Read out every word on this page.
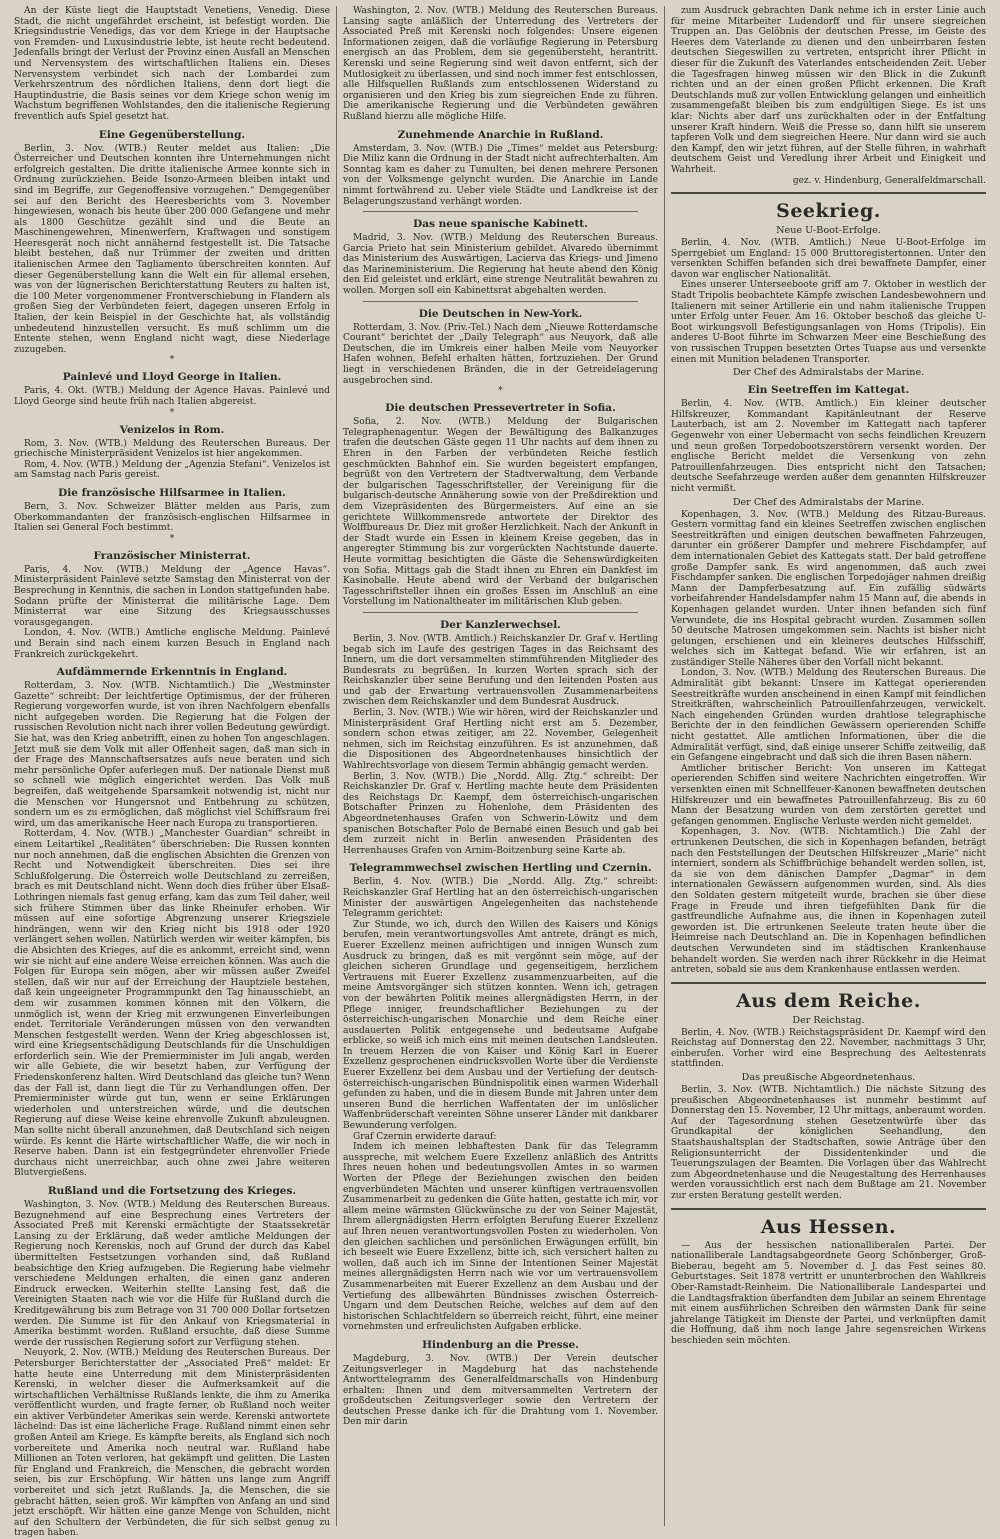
An der Küste liegt die Hauptstadt Venetiens, Venedig. Diese Stadt, die nicht ungefährdet erscheint, ist befestigt worden. Die Kriegsindustrie Venedigs, das vor dem Kriege in der Hauptsache von Fremden- und Luxusindustrie lebte, ist heute recht bedeutend. Jedenfalls bringt der Verlust der Provinz einen Ausfall an Menschen und Nervensystem des wirtschaftlichen Italiens ein. Dieses Nervensystem verbindet sich nach der Lombardei zum Verkehrszentrum des nördlichen Italiens, denn dort liegt die Hauptindustrie, die Basis seines vor dem Kriege schon wenig im Wachstum begriffenen Wohlstandes, den die italienische Regierung freventlich aufs Spiel gesetzt hat.

Eine Gegenüberstellung.

Berlin, 3. Nov. (WTB.) Reuter meldet aus Italien: „Die Österreicher und Deutschen konnten ihre Unternehmungen nicht erfolgreich gestalten. Die dritte italienische Armee konnte sich in Ordnung zurückziehen. Beide Isonzo-Armeen bleiben intakt und sind im Begriffe, zur Gegenoffensive vorzugehen.“ Demgegenüber sei auf den Bericht des Heeresberichts vom 3. November hingewiesen, wonach bis heute über 200 000 Gefangene und mehr als 1800 Geschütze gezählt sind und die Beute an Maschinengewehren, Minenwerfern, Kraftwagen und sonstigem Heeresgerät noch nicht annähernd festgestellt ist. Die Tatsache bleibt bestehen, daß nur Trümmer der zweiten und dritten italienischen Armee den Tagliamento überschreiten konnten. Auf dieser Gegenüberstellung kann die Welt ein für allemal ersehen, was von der lügnerischen Berichterstattung Reuters zu halten ist, die 100 Meter vorgenommener Frontverschiebung in Flandern als großen Sieg der Verbündeten feiert, dagegen unseren Erfolg in Italien, der kein Beispiel in der Geschichte hat, als vollständig unbedeutend hinzustellen versucht. Es muß schlimm um die Entente stehen, wenn England nicht wagt, diese Niederlage zuzugeben.

*
Painlevé und Lloyd George in Italien.

Paris, 4. Okt. (WTB.) Meldung der Agence Havas. Painlevé und Lloyd George sind heute früh nach Italien abgereist.

*
Venizelos in Rom.

Rom, 3. Nov. (WTB.) Meldung des Reuterschen Bureaus. Der griechische Ministerpräsident Venizelos ist hier angekommen.

Rom, 4. Nov. (WTB.) Meldung der „Agenzia Stefani“. Venizelos ist am Samstag nach Paris gereist.

Die französische Hilfsarmee in Italien.

Bern, 3. Nov. Schweizer Blätter melden aus Paris, zum Oberkommandanten der französisch-englischen Hilfsarmee in Italien sei General Foch bestimmt.

*
Französischer Ministerrat.

Paris, 4. Nov. (WTB.) Meldung der „Agence Havas“. Ministerpräsident Painlevé setzte Samstag den Ministerrat von der Besprechung in Kenntnis, die sachen in London stattgefunden habe. Sodann prüfte der Ministerrat die militärische Lage. Dem Ministerrat war eine Sitzung des Kriegsausschusses vorausgegangen.

London, 4. Nov. (WTB.) Amtliche englische Meldung. Painlevé und Berain sind nach einem kurzen Besuch in England nach Frankreich zurückgekehrt.

Aufdämmernde Erkenntnis in England.

Rotterdam, 3. Nov. (WTB. Nichtamtlich.) Die „Westminster Gazette“ schreibt: Der leichtfertige Optimismus, der der früheren Regierung vorgeworfen wurde, ist von ihren Nachfolgern ebenfalls nicht aufgegeben worden. Die Regierung hat die Folgen der russischen Revolution nicht nach ihrer vollen Bedeutung gewürdigt. Sie hat, was den Krieg anbetrifft, einen zu hohen Ton angeschlagen. Jetzt muß sie dem Volk mit aller Offenheit sagen, daß man sich in der Frage des Mannschaftsersatzes aufs neue beraten und sich mehr persönliche Opfer auferlegen muß. Der nationale Dienst muß so schnell wie möglich eingerichtet werden. Das Volk muß begreifen, daß weitgehende Sparsamkeit notwendig ist, nicht nur die Menschen vor Hungersnot und Entbehrung zu schützen, sondern um es zu ermöglichen, daß möglichst viel Schiffsraum frei wird, um das amerikanische Heer nach Europa zu transportieren.

Rotterdam, 4. Nov. (WTB.) „Manchester Guardian“ schreibt in einem Leitartikel „Realitäten“ überschrieben: Die Russen konnten nur noch annehmen, daß die englischen Absichten die Grenzen von Recht und Notwendigkeit überschreiten. Dies sei ihre Schlußfolgerung. Die Österreich wolle Deutschland zu zerreißen, brach es mit Deutschland nicht. Wenn doch dies früher über Elsaß-Lothringen niemals fast genug erfang, kam das zum Teil daher, weil sich frühere Stimmen über das linke Rheinufer erhoben. Wir müssen auf eine sofortige Abgrenzung unserer Kriegsziele hindrängen, wenn wir den Krieg nicht bis 1918 oder 1920 verlängert sehen wollen. Natürlich werden wir weiter kämpfen, bis die Absichten des Krieges, auf die es ankommt, erreicht sind, wenn wir sie nicht auf eine andere Weise erreichen können. Was auch die Folgen für Europa sein mögen, aber wir müssen außer Zweifel stellen, daß wir nur auf der Erreichung der Hauptziele bestehen, daß kein ungeeigneter Programmpunkt den Tag hinausschiebt, an dem wir zusammen kommen können mit den Völkern, die unmöglich ist, wenn der Krieg mit erzwungenen Einverleibungen endet. Territoriale Veränderungen müssen von den verwandten Menschen festgestellt werden. Wenn der Krieg abgeschlossen ist, wird eine Kriegsentschädigung Deutschlands für die Unschuldigen erforderlich sein. Wie der Premierminister im Juli angab, werden wir alle Gebiete, die wir besetzt haben, zur Verfügung der Friedenskonferenz halten. Wird Deutschland das gleiche tun? Wenn das der Fall ist, dann liegt die Tür zu Verhandlungen offen. Der Premierminister würde gut tun, wenn er seine Erklärungen wiederholen und unterstreichen würde, und die deutschen Regierung auf diese Weise keine ehrenvolle Zukunft abzuleugnen. Man sollte nicht überall anzunehmen, daß Deutschland sich neigen würde. Es kennt die Härte wirtschaftlicher Waffe, die wir noch in Reserve haben. Dann ist ein festgegründeter ehrenvoller Friede durchaus nicht unerreichbar, auch ohne zwei Jahre weiteren Blutvergießens.

Rußland und die Fortsetzung des Krieges.

Washington, 3. Nov. (WTB.) Meldung des Reuterschen Bureaus. Bezugnehmend auf eine Besprechung eines Vertreters der Associated Preß mit Kerenski ermächtigte der Staatssekretär Lansing zu der Erklärung, daß weder amtliche Meldungen der Regierung noch Kerenskis, noch auf Grund der durch das Kabel übermittelten Festsetzungen vorhanden sind, daß Rußland beabsichtige den Krieg aufzugeben. Die Regierung habe vielmehr verschiedene Meldungen erhalten, die einen ganz anderen Eindruck erwecken. Weiterhin stellte Lansing fest, daß die Vereinigten Staaten nach wie vor die Hilfe für Rußland durch die Kreditgewährung bis zum Betrage von 31 700 000 Dollar fortsetzen werden. Die Summe ist für den Ankauf von Kriegsmaterial in Amerika bestimmt worden. Rußland ersuchte, daß diese Summe werde der russischen Regierung sofort zur Verfügung stehen.

Neuyork, 2. Nov. (WTB.) Meldung des Reuterschen Bureaus. Der Petersburger Berichterstatter der „Associated Preß“ meldet: Er hatte heute eine Unterredung mit dem Ministerpräsidenten Kerenski, in welcher dieser die Aufmerksamkeit auf die wirtschaftlichen Verhältnisse Rußlands lenkte, die ihm zu Amerika veröffentlicht wurden, und fragte ferner, ob Rußland noch weiter ein aktiver Verbündeter Amerikas sein werde. Kerenski antwortete lächelnd: Das ist eine lächerliche Frage. Rußland nimmt einen sehr großen Anteil am Kriege. Es kämpfte bereits, als England sich noch vorbereitete und Amerika noch neutral war. Rußland habe Millionen an Toten verloren, hat gekämpft und gelitten. Die Lasten für England und Frankreich, die Menschen, die gebracht worden seien, bis zur Erschöpfung. Wir hätten uns lange zum Angriff vorbereitet und sich jetzt Rußlands. Ja, die Menschen, die sie gebracht hätten, seien groß. Wir kämpften von Anfang an und sind jetzt erschöpft. Wir hätten eine ganze Menge von Schulden, nicht auf den Schultern der Verbündeten, die für sich selbst genug zu tragen haben.

Washington, 2. Nov. (WTB.) Meldung des Reuterschen Bureaus. Lansing sagte anläßlich der Unterredung des Vertreters der Associated Preß mit Kerenski noch folgendes: Unsere eigenen Informationen zeigen, daß die vorläufige Regierung in Petersburg energisch an das Problem, dem sie gegenübersteht, herantritt. Kerenski und seine Regierung sind weit davon entfernt, sich der Mutlosigkeit zu überlassen, und sind noch immer fest entschlossen, alle Hilfsquellen Rußlands zum entschlossenen Widerstand zu organisieren und den Krieg bis zum siegreichen Ende zu führen. Die amerikanische Regierung und die Verbündeten gewähren Rußland hierzu alle mögliche Hilfe.

Zunehmende Anarchie in Rußland.

Amsterdam, 3. Nov. (WTB.) Die „Times“ meldet aus Petersburg: Die Miliz kann die Ordnung in der Stadt nicht aufrechterhalten. Am Sonntag kam es daher zu Tumulten, bei denen mehrere Personen von der Volksmenge gelyncht wurden. Die Anarchie im Lande nimmt fortwährend zu. Ueber viele Städte und Landkreise ist der Belagerungszustand verhängt worden.

Das neue spanische Kabinett.

Madrid, 3. Nov. (WTB.) Meldung des Reuterschen Bureaus. Garcia Prieto hat sein Ministerium gebildet. Alvaredo übernimmt das Ministerium des Auswärtigen, Lacierva das Kriegs- und Jimeno das Marineministerium. Die Regierung hat heute abend den König den Eid geleistet und erklärt, eine strenge Neutralität bewahren zu wollen. Morgen soll ein Kabinettsrat abgehalten werden.

Die Deutschen in New-York.

Rotterdam, 3. Nov. (Priv.-Tel.) Nach dem „Nieuwe Rotterdamsche Courant“ berichtet der „Daily Telegraph“ aus Neuyork, daß alle Deutschen, die im Umkreis einer halben Meile vom Neuyorker Hafen wohnen, Befehl erhalten hätten, fortzuziehen. Der Grund liegt in verschiedenen Bränden, die in der Getreidelagerung ausgebrochen sind.

*
Die deutschen Pressevertreter in Sofia.

Sofia, 2. Nov. (WTB.) Meldung der Bulgarischen Telegraphenagentur. Wegen der Bewältigung des Balkanzuges trafen die deutschen Gäste gegen 11 Uhr nachts auf dem ihnen zu Ehren in den Farben der verbündeten Reiche festlich geschmückten Bahnhof ein. Sie wurden begeistert empfangen, begrüßt von den Vertretern der Stadtverwaltung, dem Verbande der bulgarischen Tagesschriftsteller, der Vereinigung für die bulgarisch-deutsche Annäherung sowie von der Preßdirektion und dem Vizepräsidenten des Bürgermeisters. Auf eine an sie gerichtete Willkommensrede antwortete der Direktor des Wolffbureaus Dr. Diez mit großer Herzlichkeit. Nach der Ankunft in der Stadt wurde ein Essen in kleinem Kreise gegeben, das in angeregter Stimmung bis zur vorgerückten Nachtstunde dauerte. Heute vormittag besichtigten die Gäste die Sehenswürdigkeiten von Sofia. Mittags gab die Stadt ihnen zu Ehren ein Dankfest im Kasinoballe. Heute abend wird der Verband der bulgarischen Tagesschriftsteller ihnen ein großes Essen im Anschluß an eine Vorstellung im Nationaltheater im militärischen Klub geben.

Der Kanzlerwechsel.

Berlin, 3. Nov. (WTB. Amtlich.) Reichskanzler Dr. Graf v. Hertling begab sich im Laufe des gestrigen Tages in das Reichsamt des Innern, um die dort versammelten stimmführenden Mitglieder des Bundesrats zu begrüßen. In kurzen Worten sprach sich der Reichskanzler über seine Berufung und den leitenden Posten aus und gab der Erwartung vertrauensvollen Zusammenarbeitens zwischen dem Reichskanzler und dem Bundesrat Ausdruck.

Berlin, 3. Nov. (WTB.) Wie wir hören, wird der Reichskanzler und Ministerpräsident Graf Hertling nicht erst am 5. Dezember, sondern schon etwas zeitiger, am 22. November, Gelegenheit nehmen, sich im Reichstag einzuführen. Es ist anzunehmen, daß die Dispositionen des Abgeordnetenhauses hinsichtlich der Wahlrechtsvorlage von diesem Termin abhängig gemacht werden.

Berlin, 3. Nov. (WTB.) Die „Nordd. Allg. Ztg.“ schreibt: Der Reichskanzler Dr. Graf v. Hertling machte heute dem Präsidenten des Reichstags Dr. Kaempf, dem österreichisch-ungarischen Botschafter Prinzen zu Hohenlohe, dem Präsidenten des Abgeordnetenhauses Grafen von Schwerin-Löwitz und dem spanischen Botschafter Polo de Bernabé einen Besuch und gab bei dem zurzeit nicht in Berlin anwesenden Präsidenten des Herrenhauses Grafen von Arnim-Boitzenburg seine Karte ab.

Telegrammwechsel zwischen Hertling und Czernin.

Berlin, 4. Nov. (WTB.) Die „Nordd. Allg. Ztg.“ schreibt: Reichskanzler Graf Hertling hat an den österreichisch-ungarischen Minister der auswärtigen Angelegenheiten das nachstehende Telegramm gerichtet:

Zur Stunde, wo ich, durch den Willen des Kaisers und Königs berufen, mein verantwortungsvolles Amt antrete, drängt es mich, Euerer Exzellenz meinen aufrichtigen und innigen Wunsch zum Ausdruck zu bringen, daß es mit vergönnt sein möge, auf der gleichen sicheren Grundlage und gegenseitigem, herzlichem Vertrauens mit Euerer Exzellenz zusammenzuarbeiten, auf die meine Amtsvorgänger sich stützen konnten. Wenn ich, getragen von der bewährten Politik meines allergnädigsten Herrn, in der Pflege inniger, freundschaftlicher Beziehungen zu der österreichisch-ungarischen Monarchie und dem Reiche einer ausdauerten Politik entgegensehe und bedeutsame Aufgabe erblicke, so weiß ich mich eins mit meinen deutschen Landsleuten. In treuem Herzen die von Kaiser und König Karl in Euerer Exzellenz gesprochenen eindrucksvollen Worte über die Verdienste Euerer Exzellenz bei dem Ausbau und der Vertiefung der deutsch-österreichisch-ungarischen Bündnispolitik einen warmen Widerhall gefunden zu haben, und die in diesem Bunde mit Jahren unter dem unseren Bund die herrlichen Waffentaten der im unlöslicher Waffenbrüderschaft vereinten Söhne unserer Länder mit dankbarer Bewunderung verfolgen.

Graf Czernin erwiderte darauf:

Indem ich meinen lebhaftesten Dank für das Telegramm ausspreche, mit welchem Euere Exzellenz anläßlich des Antritts Ihres neuen hohen und bedeutungsvollen Amtes in so warmen Worten der Pflege der Beziehungen zwischen den beiden engverbündeten Mächten und unserer künftigen vertrauensvollen Zusammenarbeit zu gedenken die Güte hatten, gestatte ich mir, vor allem meine wärmsten Glückwünsche zu der von Seiner Majestät, Ihrem allergnädigsten Herrn erfolgten Berufung Euerer Exzellenz auf Ihren neuen verantwortungsvollen Posten zu wiederholen. Von den gleichen sachlichen und persönlichen Erwägungen erfüllt, bin ich beseelt wie Euere Exzellenz, bitte ich, sich versichert halten zu wollen, daß auch ich im Sinne der Intentionen Seiner Majestät meines allergnädigsten Herrn nach wie vor um vertrauensvollem Zusammenarbeiten mit Euerer Exzellenz an dem Ausbau und der Vertiefung des allbewährten Bündnisses zwischen Österreich-Ungarn und dem Deutschen Reiche, welches auf dem auf den historischen Schlachtfeldern so überreich reicht, führt, eine meiner vornehmsten und erfreulichsten Aufgaben erblicke.

Hindenburg an die Presse.

Magdeburg, 3. Nov. (WTB.) Der Verein deutscher Zeitungsverleger in Magdeburg hat das nachstehende Antworttelegramm des Generalfeldmarschalls von Hindenburg erhalten: Ihnen und dem mitversammelten Vertretern der großdeutschen Zeitungsverleger sowie den Vertretern der deutschen Presse danke ich für die Drahtung vom 1. November. Den mir darin

zum Ausdruck gebrachten Dank nehme ich in erster Linie auch für meine Mitarbeiter Ludendorff und für unsere siegreichen Truppen an. Das Gelöbnis der deutschen Presse, im Geiste des Heeres dem Vaterlande zu dienen und den unbeirrbaren festen deutschen Siegeswillen zu vertreten, entspricht ihrer Pflicht in dieser für die Zukunft des Vaterlandes entscheidenden Zeit. Ueber die Tagesfragen hinweg müssen wir den Blick in die Zukunft richten und an der einen großen Pflicht erkennen. Die Kraft Deutschlands muß zur vollen Entwicklung gelangen und einheitlich zusammengefaßt bleiben bis zum endgültigen Siege. Es ist uns klar: Nichts aber darf uns zurückhalten oder in der Entfaltung unserer Kraft hindern. Weiß die Presse so, dann hilft sie unserem tapferen Volk und dem siegreichen Heere. Nur dann wird sie auch den Kampf, den wir jetzt führen, auf der Stelle führen, in wahrhaft deutschem Geist und Veredlung ihrer Arbeit und Einigkeit und Wahrheit.

gez. v. Hindenburg, Generalfeldmarschall.
Seekrieg.
Neue U-Boot-Erfolge.

Berlin, 4. Nov. (WTB. Amtlich.) Neue U-Boot-Erfolge im Sperrgebiet um England: 15 000 Bruttoregistertonnen. Unter den versenkten Schiffen befanden sich drei bewaffnete Dampfer, einer davon war englischer Nationalität.

Eines unserer Unterseeboote griff am 7. Oktober in westlich der Stadt Tripolis beobachtete Kämpfe zwischen Landesbewohnern und Italienern mit seiner Artillerie ein und nahm italienische Truppen unter Erfolg unter Feuer. Am 16. Oktober beschoß das gleiche U-Boot wirkungsvoll Befestigungsanlagen von Homs (Tripolis). Ein anderes U-Boot führte im Schwarzen Meer eine Beschießung des von russischen Truppen besetzten Ortes Tuapse aus und versenkte einen mit Munition beladenen Transporter.

Der Chef des Admiralstabs der Marine.
Ein Seetreffen im Kattegat.

Berlin, 4. Nov. (WTB. Amtlich.) Ein kleiner deutscher Hilfskreuzer, Kommandant Kapitänleutnant der Reserve Lauterbach, ist am 2. November im Kattegatt nach tapferer Gegenwehr von einer Uebermacht von sechs feindlichen Kreuzern und neun großen Torpedobootszerstörern versenkt worden. Der englische Bericht meldet die Versenkung von zehn Patrouillenfahrzeugen. Dies entspricht nicht den Tatsachen; deutsche Seefahrzeuge werden außer dem genannten Hilfskreuzer nicht vermißt.

Der Chef des Admiralstabs der Marine.

Kopenhagen, 3. Nov. (WTB.) Meldung des Ritzau-Bureaus. Gestern vormittag fand ein kleines Seetreffen zwischen englischen Seestreitkräften und einigen deutschen bewaffneten Fahrzeugen, darunter ein größerer Dampfer und mehrere Fischdampfer, auf dem internationalen Gebiet des Kattegats statt. Der bald getroffene große Dampfer sank. Es wird angenommen, daß auch zwei Fischdampfer sanken. Die englischen Torpedojäger nahmen dreißig Mann der Dampferbesatzung auf. Ein zufällig südwärts vorbeifahrender Handelsdampfer nahm 15 Mann auf, die abends in Kopenhagen gelandet wurden. Unter ihnen befanden sich fünf Verwundete, die ins Hospital gebracht wurden. Zusammen sollen 50 deutsche Matrosen umgekommen sein. Nachts ist bisher nicht gelungen, erschienen und ein kleineres deutsches Hilfsschiff, welches sich im Kattegat befand. Wie wir erfahren, ist an zuständiger Stelle Näheres über den Vorfall nicht bekannt.

London, 3. Nov. (WTB.) Meldung des Reuterschen Bureaus. Die Admiralität gibt bekannt: Unsere im Kattegat operierenden Seestreitkräfte wurden anscheinend in einen Kampf mit feindlichen Streitkräften, wahrscheinlich Patrouillenfahrzeugen, verwickelt. Nach eingehenden Gründen wurden drahtlose telegraphische Berichte der in den feindlichen Gewässern operierenden Schiffe nicht gestattet. Alle amtlichen Informationen, über die die Admiralität verfügt, sind, daß einige unserer Schiffe zeitweilig, daß ein Gefangene eingebracht und daß sich die ihren Basen nähern.

Amtlicher britischer Bericht: Von unseren im Kattegat operierenden Schiffen sind weitere Nachrichten eingetroffen. Wir versenkten einen mit Schnellfeuer-Kanonen bewaffneten deutschen Hilfskreuzer und ein bewaffnetes Patrouillenfahrzeug. Bis zu 60 Mann der Besatzung wurden von dem zerstörten gerettet und gefangen genommen. Englische Verluste werden nicht gemeldet.

Kopenhagen, 3. Nov. (WTB. Nichtamtlich.) Die Zahl der ertrunkenen Deutschen, die sich in Kopenhagen befanden, beträgt nach den Feststellungen der Deutschen Hilfskreuzer „Marie“ nicht interniert, sondern als Schiffbrüchige behandelt werden sollen, ist, da sie von dem dänischen Dampfer „Dagmar“ in dem internationalen Gewässern aufgenommen wurden, sind. Als dies den Soldaten gestern mitgeteilt wurde, brachen sie über diese Frage in Freude und ihren tiefgefühlten Dank für die gastfreundliche Aufnahme aus, die ihnen in Kopenhagen zuteil geworden ist. Die ertrunkenen Seeleute traten heute über die Heimreise nach Deutschland an. Die in Kopenhagen befindlichen deutschen Verwundeten sind im städtischen Krankenhause behandelt worden. Sie werden nach ihrer Rückkehr in die Heimat antreten, sobald sie aus dem Krankenhause entlassen werden.

Aus dem Reiche.
Der Reichstag.

Berlin, 4. Nov. (WTB.) Reichstagspräsident Dr. Kaempf wird den Reichstag auf Donnerstag den 22. November, nachmittags 3 Uhr, einberufen. Vorher wird eine Besprechung des Aeltestenrats stattfinden.

Das preußische Abgeordnetenhaus.

Berlin, 3. Nov. (WTB. Nichtamtlich.) Die nächste Sitzung des preußischen Abgeordnetenhauses ist nunmehr bestimmt auf Donnerstag den 15. November, 12 Uhr mittags, anberaumt worden. Auf der Tagesordnung stehen Gesetzentwürfe über das Grundkapital der königlichen Seehandlung, den Staatshaushaltsplan der Stadtschaften, sowie Anträge über den Religionsunterricht der Dissidentenkinder und die Teuerungszulagen der Beamten. Die Vorlagen über das Wahlrecht zum Abgeordnetenhause und die Neugestaltung des Herrenhauses werden voraussichtlich erst nach dem Bußtage am 21. November zur ersten Beratung gestellt werden.

Aus Hessen.

— Aus der hessischen nationalliberalen Partei. Der nationalliberale Landtagsabgeordnete Georg Schönberger, Groß-Bieberau, begeht am 5. November d. J. das Fest seines 80. Geburtstages. Seit 1878 vertritt er ununterbrochen den Wahlkreis Ober-Ramstadt-Reinheim. Die Nationalliberale Landespartei und die Landtagsfraktion überfandten dem Jubilar an seinem Ehrentage mit einem ausführlichen Schreiben den wärmsten Dank für seine jahrelange Tätigkeit im Dienste der Partei, und verknüpften damit die Hoffnung, daß ihm noch lange Jahre segensreichen Wirkens beschieden sein möchten.
